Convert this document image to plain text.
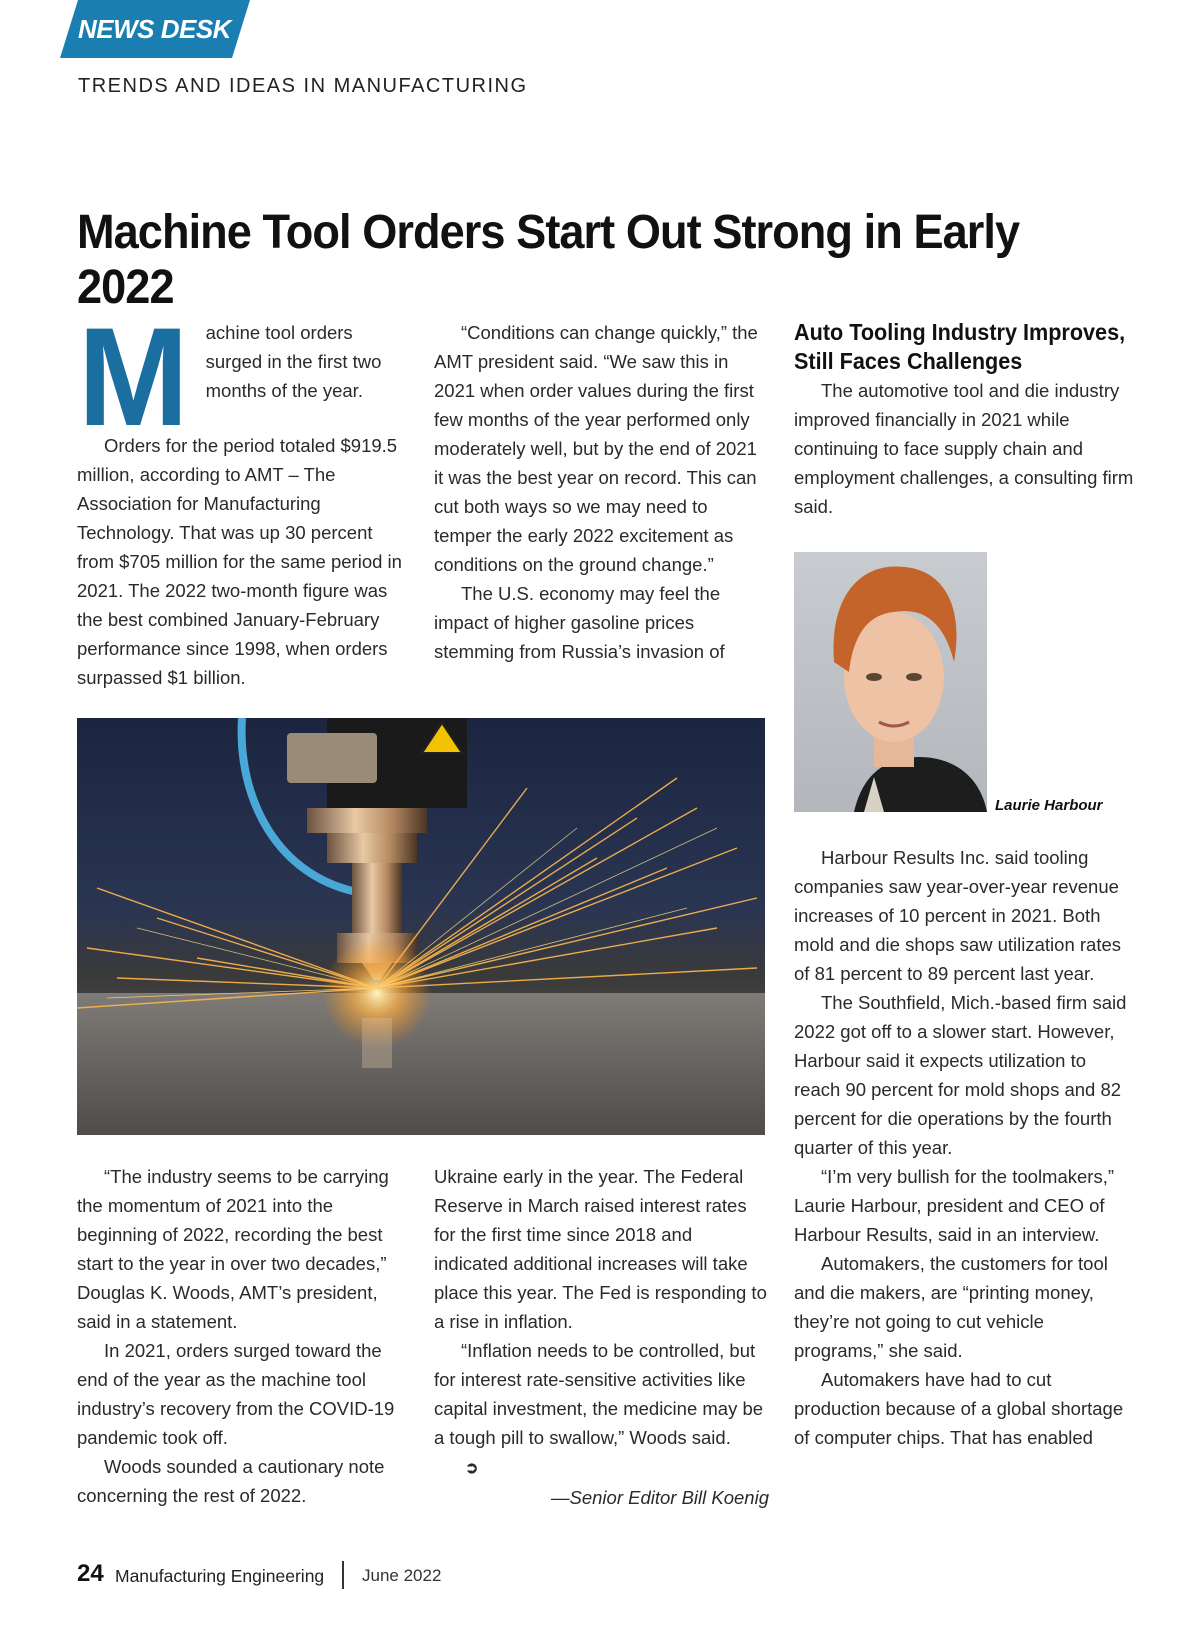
NEWS DESK
TRENDS AND IDEAS IN MANUFACTURING
Machine Tool Orders Start Out Strong in Early 2022
M achine tool orders surged in the first two months of the year.

Orders for the period totaled $919.5 million, according to AMT – The Association for Manufacturing Technology. That was up 30 percent from $705 million for the same period in 2021. The 2022 two-month figure was the best combined January-February performance since 1998, when orders surpassed $1 billion.

“Conditions can change quickly,” the AMT president said. “We saw this in 2021 when order values during the first few months of the year performed only moderately well, but by the end of 2021 it was the best year on record. This can cut both ways so we may need to temper the early 2022 excitement as conditions on the ground change.”

The U.S. economy may feel the impact of higher gasoline prices stemming from Russia’s invasion of

Auto Tooling Industry Improves, Still Faces Challenges

The automotive tool and die industry improved financially in 2021 while continuing to face supply chain and employment challenges, a consulting firm said.

Laurie Harbour

Harbour Results Inc. said tooling companies saw year-over-year revenue increases of 10 percent in 2021. Both mold and die shops saw utilization rates of 81 percent to 89 percent last year.

The Southfield, Mich.-based firm said 2022 got off to a slower start. However, Harbour said it expects utilization to reach 90 percent for mold shops and 82 percent for die operations by the fourth quarter of this year.

“I’m very bullish for the toolmakers,” Laurie Harbour, president and CEO of Harbour Results, said in an interview.

Automakers, the customers for tool and die makers, are “printing money, they’re not going to cut vehicle programs,” she said.

Automakers have had to cut production because of a global shortage of computer chips. That has enabled

“The industry seems to be carrying the momentum of 2021 into the beginning of 2022, recording the best start to the year in over two decades,” Douglas K. Woods, AMT’s president, said in a statement.

In 2021, orders surged toward the end of the year as the machine tool industry’s recovery from the COVID-19 pandemic took off.

Woods sounded a cautionary note concerning the rest of 2022.

Ukraine early in the year. The Federal Reserve in March raised interest rates for the first time since 2018 and indicated additional increases will take place this year. The Fed is responding to a rise in inflation.

“Inflation needs to be controlled, but for interest rate-sensitive activities like capital investment, the medicine may be a tough pill to swallow,” Woods said.➲

—Senior Editor Bill Koenig
24 Manufacturing Engineering June 2022
